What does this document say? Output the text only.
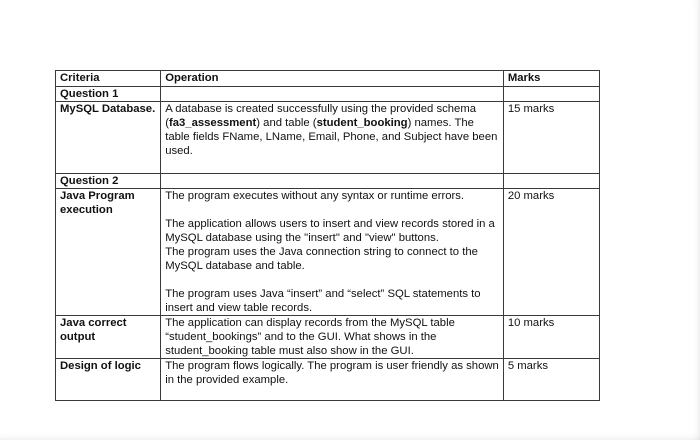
Criteria	Operation	Marks
Question 1		
MySQL Database.	A database is created successfully using the provided schema (fa3_assessment) and table (student_booking) names. The table fields FName, LName, Email, Phone, and Subject have been used.	15 marks
Question 2		
Java Program execution	The program executes without any syntax or runtime errors.

The application allows users to insert and view records stored in a MySQL database using the "insert" and "view" buttons.

The program uses the Java connection string to connect to the MySQL database and table.

The program uses Java “insert” and “select” SQL statements to insert and view table records.	20 marks
Java correct output	The application can display records from the MySQL table “student_bookings” and to the GUI. What shows in the student_booking table must also show in the GUI.	10 marks
Design of logic	The program flows logically. The program is user friendly as shown in the provided example.	5 marks
